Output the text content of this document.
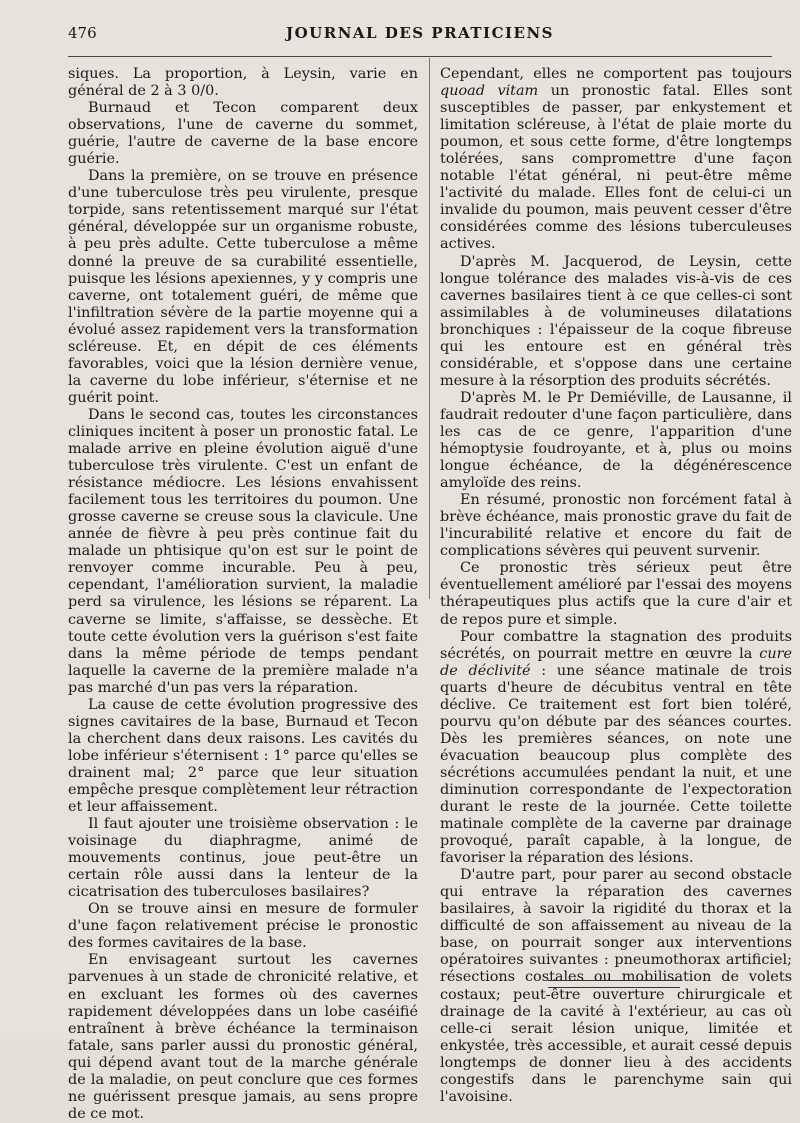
476	JOURNAL DES PRATICIENS

siques. La proportion, à Leysin, varie en général de 2 à 3 0/0.

Burnaud et Tecon comparent deux observations, l'une de caverne du sommet, guérie, l'autre de caverne de la base encore guérie.

Dans la première, on se trouve en présence d'une tuberculose très peu virulente, presque torpide, sans retentissement marqué sur l'état général, développée sur un organisme robuste, à peu près adulte. Cette tuberculose a même donné la preuve de sa curabilité essentielle, puisque les lésions apexiennes, y y compris une caverne, ont totalement guéri, de même que l'infiltration sévère de la partie moyenne qui a évolué assez rapidement vers la transformation scléreuse. Et, en dépit de ces éléments favorables, voici que la lésion dernière venue, la caverne du lobe inférieur, s'éternise et ne guérit point.

Dans le second cas, toutes les circonstances cliniques incitent à poser un pronostic fatal. Le malade arrive en pleine évolution aiguë d'une tuberculose très virulente. C'est un enfant de résistance médiocre. Les lésions envahissent facilement tous les territoires du poumon. Une grosse caverne se creuse sous la clavicule. Une année de fièvre à peu près continue fait du malade un phtisique qu'on est sur le point de renvoyer comme incurable. Peu à peu, cependant, l'amélioration survient, la maladie perd sa virulence, les lésions se réparent. La caverne se limite, s'affaisse, se dessèche. Et toute cette évolution vers la guérison s'est faite dans la même période de temps pendant laquelle la caverne de la première malade n'a pas marché d'un pas vers la réparation.

La cause de cette évolution progressive des signes cavitaires de la base, Burnaud et Tecon la cherchent dans deux raisons. Les cavités du lobe inférieur s'éternisent : 1° parce qu'elles se drainent mal; 2° parce que leur situation empêche presque complètement leur rétraction et leur affaissement.

Il faut ajouter une troisième observation : le voisinage du diaphragme, animé de mouvements continus, joue peut-être un certain rôle aussi dans la lenteur de la cicatrisation des tuberculoses basilaires?

On se trouve ainsi en mesure de formuler d'une façon relativement précise le pronostic des formes cavitaires de la base.

En envisageant surtout les cavernes parvenues à un stade de chronicité relative, et en excluant les formes où des cavernes rapidement développées dans un lobe caséifié entraînent à brève échéance la terminaison fatale, sans parler aussi du pronostic général, qui dépend avant tout de la marche générale de la maladie, on peut conclure que ces formes ne guérissent presque jamais, au sens propre de ce mot.

Cependant, elles ne comportent pas toujours quoad vitam un pronostic fatal. Elles sont susceptibles de passer, par enkystement et limitation scléreuse, à l'état de plaie morte du poumon, et sous cette forme, d'être longtemps tolérées, sans compromettre d'une façon notable l'état général, ni peut-être même l'activité du malade. Elles font de celui-ci un invalide du poumon, mais peuvent cesser d'être considérées comme des lésions tuberculeuses actives.

D'après M. Jacquerod, de Leysin, cette longue tolérance des malades vis-à-vis de ces cavernes basilaires tient à ce que celles-ci sont assimilables à de volumineuses dilatations bronchiques : l'épaisseur de la coque fibreuse qui les entoure est en général très considérable, et s'oppose dans une certaine mesure à la résorption des produits sécrétés.

D'après M. le Pr Demiéville, de Lausanne, il faudrait redouter d'une façon particulière, dans les cas de ce genre, l'apparition d'une hémoptysie foudroyante, et à, plus ou moins longue échéance, de la dégénérescence amyloïde des reins.

En résumé, pronostic non forcément fatal à brève échéance, mais pronostic grave du fait de l'incurabilité relative et encore du fait de complications sévères qui peuvent survenir.

Ce pronostic très sérieux peut être éventuellement amélioré par l'essai des moyens thérapeutiques plus actifs que la cure d'air et de repos pure et simple.

Pour combattre la stagnation des produits sécrétés, on pourrait mettre en œuvre la cure de déclivité : une séance matinale de trois quarts d'heure de décubitus ventral en tête déclive. Ce traitement est fort bien toléré, pourvu qu'on débute par des séances courtes. Dès les premières séances, on note une évacuation beaucoup plus complète des sécrétions accumulées pendant la nuit, et une diminution correspondante de l'expectoration durant le reste de la journée. Cette toilette matinale complète de la caverne par drainage provoqué, paraît capable, à la longue, de favoriser la réparation des lésions.

D'autre part, pour parer au second obstacle qui entrave la réparation des cavernes basilaires, à savoir la rigidité du thorax et la difficulté de son affaissement au niveau de la base, on pourrait songer aux interventions opératoires suivantes : pneumothorax artificiel; résections costales ou mobilisation de volets costaux; peut-être ouverture chirurgicale et drainage de la cavité à l'extérieur, au cas où celle-ci serait lésion unique, limitée et enkystée, très accessible, et aurait cessé depuis longtemps de donner lieu à des accidents congestifs dans le parenchyme sain qui l'avoisine.
